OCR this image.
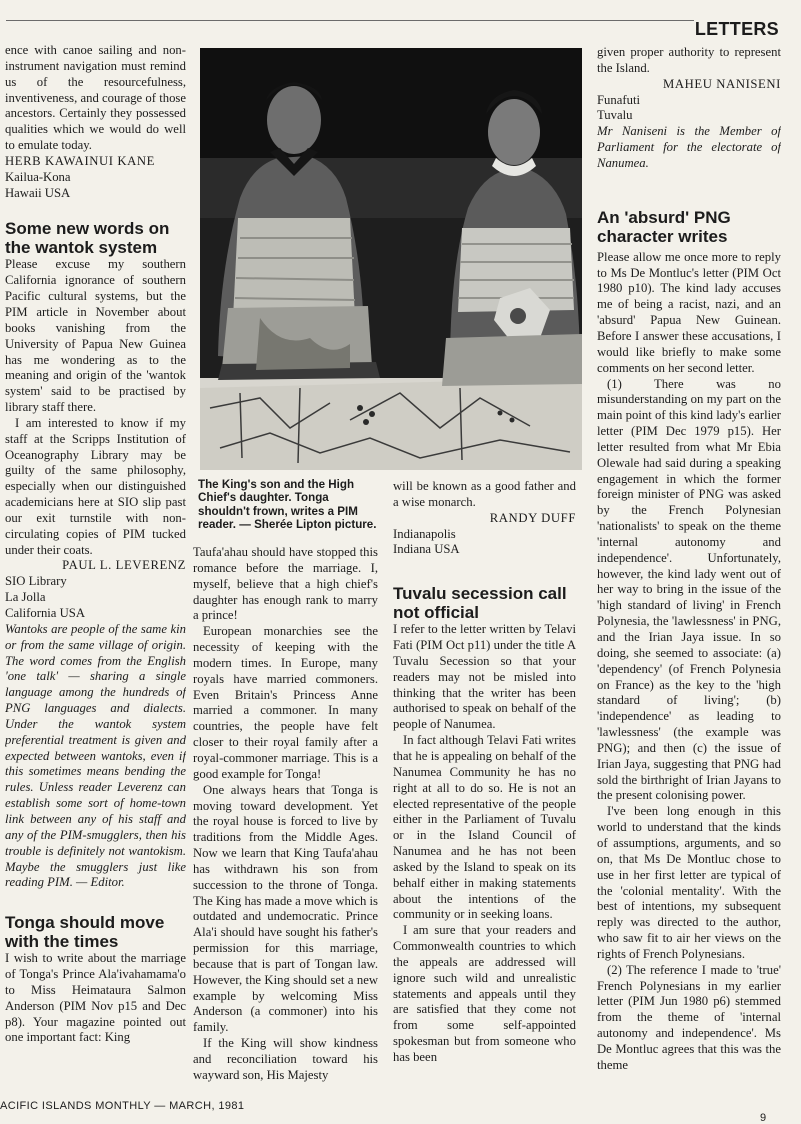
LETTERS

ence with canoe sailing and non-instrument navigation must remind us of the resourcefulness, inventiveness, and courage of those ancestors. Certainly they possessed qualities which we would do well to emulate today.

HERB KAWAINUI KANE

Kailua-Kona

Hawaii USA

Some new words on the wantok system

Please excuse my southern California ignorance of southern Pacific cultural systems, but the PIM article in November about books vanishing from the University of Papua New Guinea has me wondering as to the meaning and origin of the 'wantok system' said to be practised by library staff there.

I am interested to know if my staff at the Scripps Institution of Oceanography Library may be guilty of the same philosophy, especially when our distinguished academicians here at SIO slip past our exit turnstile with non-circulating copies of PIM tucked under their coats.

PAUL L. LEVERENZ

SIO Library

La Jolla

California USA

Wantoks are people of the same kin or from the same village of origin. The word comes from the English 'one talk' — sharing a single language among the hundreds of PNG languages and dialects. Under the wantok system preferential treatment is given and expected between wantoks, even if this sometimes means bending the rules. Unless reader Leverenz can establish some sort of home-town link between any of his staff and any of the PIM-smugglers, then his trouble is definitely not wantokism. Maybe the smugglers just like reading PIM. — Editor.

Tonga should move with the times

I wish to write about the marriage of Tonga's Prince Ala'ivahamama'o to Miss Heimataura Salmon Anderson (PIM Nov p15 and Dec p8). Your magazine pointed out one important fact: King

The King's son and the High Chief's daughter. Tonga shouldn't frown, writes a PIM reader. — Sherée Lipton picture.

Taufa'ahau should have stopped this romance before the marriage. I, myself, believe that a high chief's daughter has enough rank to marry a prince!

European monarchies see the necessity of keeping with the modern times. In Europe, many royals have married commoners. Even Britain's Princess Anne married a commoner. In many countries, the people have felt closer to their royal family after a royal-commoner marriage. This is a good example for Tonga!

One always hears that Tonga is moving toward development. Yet the royal house is forced to live by traditions from the Middle Ages. Now we learn that King Taufa'ahau has withdrawn his son from succession to the throne of Tonga. The King has made a move which is outdated and undemocratic. Prince Ala'i should have sought his father's permission for this marriage, because that is part of Tongan law. However, the King should set a new example by welcoming Miss Anderson (a commoner) into his family.

If the King will show kindness and reconciliation toward his wayward son, His Majesty

will be known as a good father and a wise monarch.

RANDY DUFF

Indianapolis

Indiana USA

Tuvalu secession call not official

I refer to the letter written by Telavi Fati (PIM Oct p11) under the title A Tuvalu Secession so that your readers may not be misled into thinking that the writer has been authorised to speak on behalf of the people of Nanumea.

In fact although Telavi Fati writes that he is appealing on behalf of the Nanumea Community he has no right at all to do so. He is not an elected representative of the people either in the Parliament of Tuvalu or in the Island Council of Nanumea and he has not been asked by the Island to speak on its behalf either in making statements about the intentions of the community or in seeking loans.

I am sure that your readers and Commonwealth countries to which the appeals are addressed will ignore such wild and unrealistic statements and appeals until they are satisfied that they come not from some self-appointed spokesman but from someone who has been

given proper authority to represent the Island.

MAHEU NANISENI

Funafuti

Tuvalu

Mr Naniseni is the Member of Parliament for the electorate of Nanumea.

An 'absurd' PNG character writes

Please allow me once more to reply to Ms De Montluc's letter (PIM Oct 1980 p10). The kind lady accuses me of being a racist, nazi, and an 'absurd' Papua New Guinean. Before I answer these accusations, I would like briefly to make some comments on her second letter.

(1) There was no misunderstanding on my part on the main point of this kind lady's earlier letter (PIM Dec 1979 p15). Her letter resulted from what Mr Ebia Olewale had said during a speaking engagement in which the former foreign minister of PNG was asked by the French Polynesian 'nationalists' to speak on the theme 'internal autonomy and independence'. Unfortunately, however, the kind lady went out of her way to bring in the issue of the 'high standard of living' in French Polynesia, the 'lawlessness' in PNG, and the Irian Jaya issue. In so doing, she seemed to associate: (a) 'dependency' (of French Polynesia on France) as the key to the 'high standard of living'; (b) 'independence' as leading to 'lawlessness' (the example was PNG); and then (c) the issue of Irian Jaya, suggesting that PNG had sold the birthright of Irian Jayans to the present colonising power.

I've been long enough in this world to understand that the kinds of assumptions, arguments, and so on, that Ms De Montluc chose to use in her first letter are typical of the 'colonial mentality'. With the best of intentions, my subsequent reply was directed to the author, who saw fit to air her views on the rights of French Polynesians.

(2) The reference I made to 'true' French Polynesians in my earlier letter (PIM Jun 1980 p6) stemmed from the theme of 'internal autonomy and independence'. Ms De Montluc agrees that this was the theme

ACIFIC ISLANDS MONTHLY — MARCH, 1981
9
